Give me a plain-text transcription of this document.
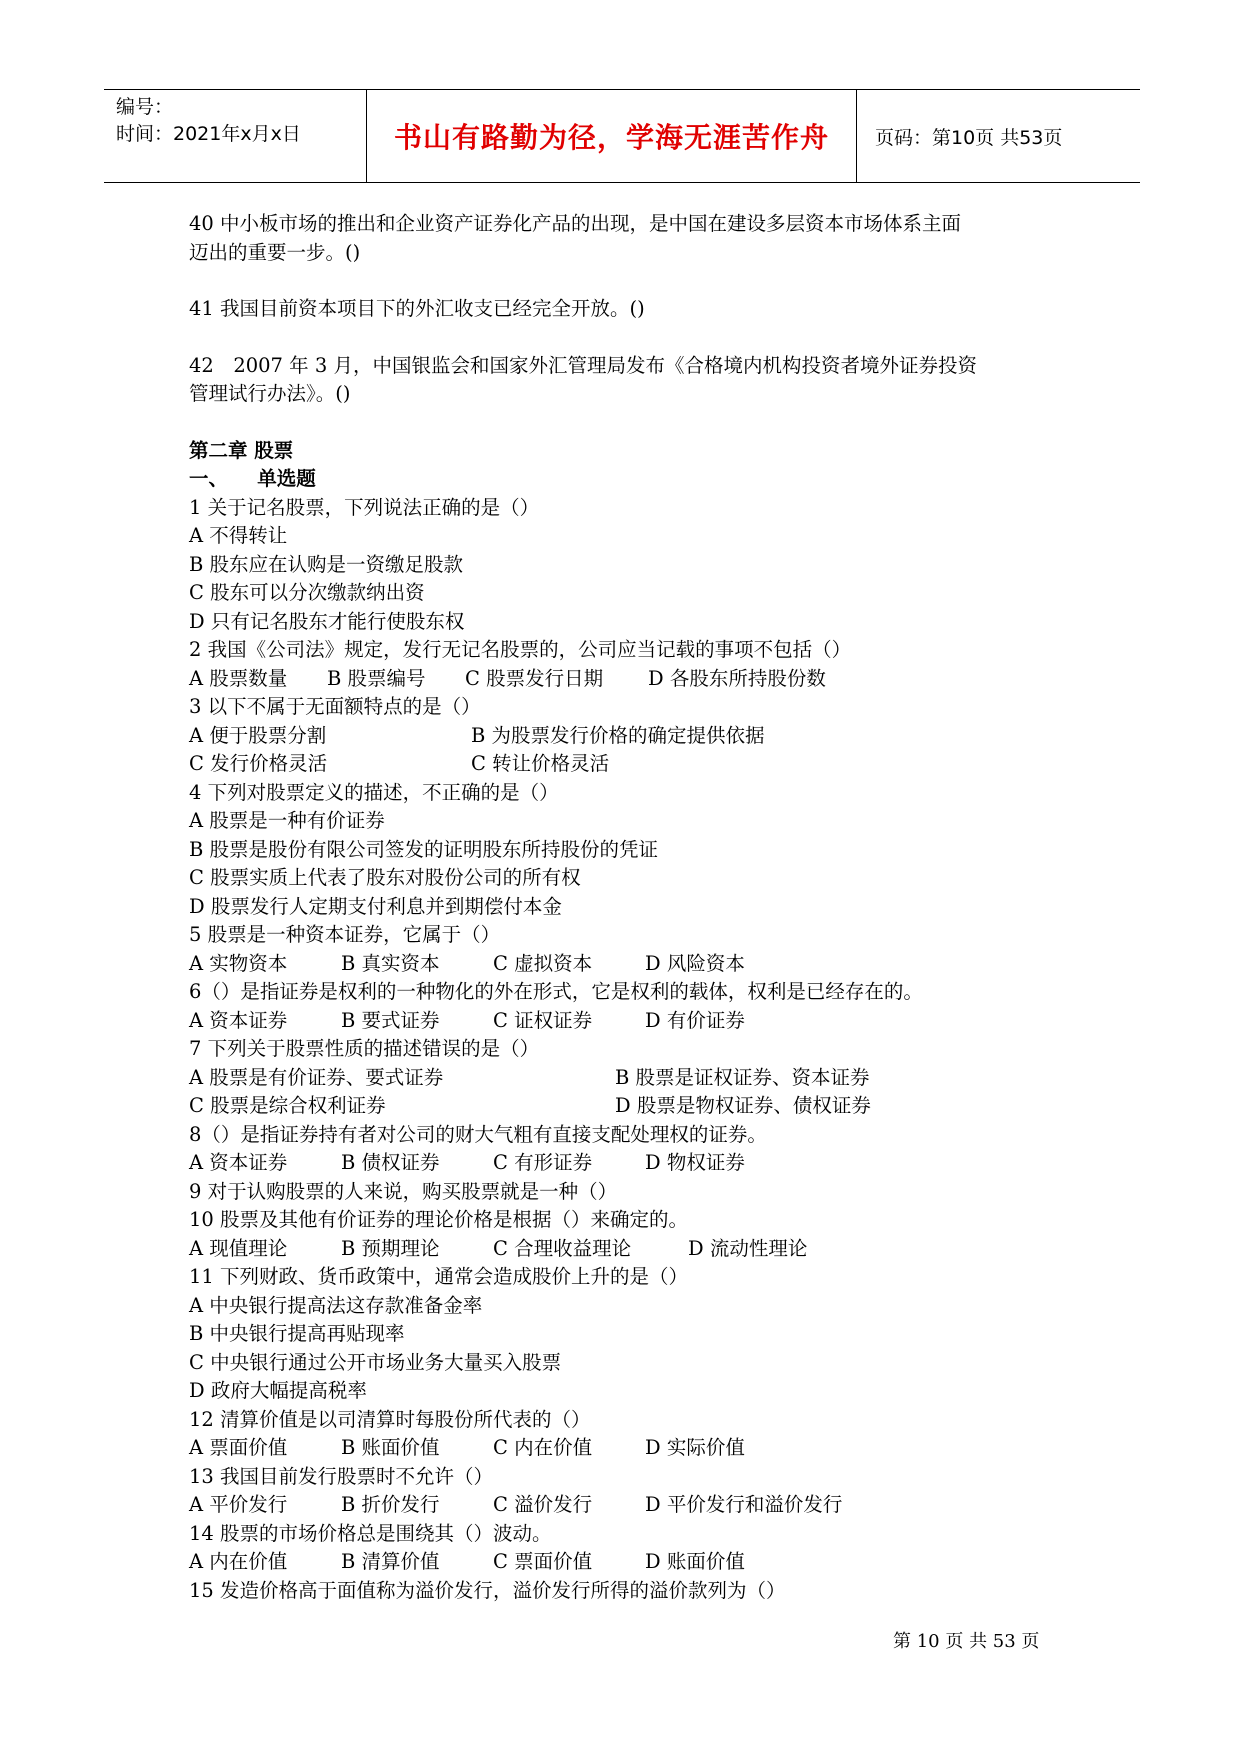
编号：
时间：2021年x月x日	书山有路勤为径，学海无涯苦作舟	页码：第10页 共53页

40 中小板市场的推出和企业资产证券化产品的出现，是中国在建设多层资本市场体系主面

迈出的重要一步。()

41 我国目前资本项目下的外汇收支已经完全开放。()

42　2007 年 3 月，中国银监会和国家外汇管理局发布《合格境内机构投资者境外证券投资

管理试行办法》。()

第二章 股票

一、　　单选题

1 关于记名股票，下列说法正确的是（）

A 不得转让

B 股东应在认购是一资缴足股款

C 股东可以分次缴款纳出资

D 只有记名股东才能行使股东权

2 我国《公司法》规定，发行无记名股票的，公司应当记载的事项不包括（）

A 股票数量	B 股票编号	C 股票发行日期	D 各股东所持股份数

3 以下不属于无面额特点的是（）

A 便于股票分割	B 为股票发行价格的确定提供依据
C 发行价格灵活	C 转让价格灵活

4 下列对股票定义的描述，不正确的是（）

A 股票是一种有价证券

B 股票是股份有限公司签发的证明股东所持股份的凭证

C 股票实质上代表了股东对股份公司的所有权

D 股票发行人定期支付利息并到期偿付本金

5 股票是一种资本证券，它属于（）

A 实物资本	B 真实资本	C 虚拟资本	D 风险资本

6（）是指证券是权利的一种物化的外在形式，它是权利的载体，权利是已经存在的。

A 资本证券	B 要式证券	C 证权证券	D 有价证券

7 下列关于股票性质的描述错误的是（）

A 股票是有价证券、要式证券	B 股票是证权证券、资本证券
C 股票是综合权利证券	D 股票是物权证券、债权证券

8（）是指证券持有者对公司的财大气粗有直接支配处理权的证券。

A 资本证券	B 债权证券	C 有形证券	D 物权证券

9 对于认购股票的人来说，购买股票就是一种（）

10 股票及其他有价证券的理论价格是根据（）来确定的。

A 现值理论	B 预期理论	C 合理收益理论	D 流动性理论

11 下列财政、货币政策中，通常会造成股价上升的是（）

A 中央银行提高法这存款准备金率

B 中央银行提高再贴现率

C 中央银行通过公开市场业务大量买入股票

D 政府大幅提高税率

12 清算价值是以司清算时每股份所代表的（）

A 票面价值	B 账面价值	C 内在价值	D 实际价值

13 我国目前发行股票时不允许（）

A 平价发行	B 折价发行	C 溢价发行	D 平价发行和溢价发行

14 股票的市场价格总是围绕其（）波动。

A 内在价值	B 清算价值	C 票面价值	D 账面价值

15 发造价格高于面值称为溢价发行，溢价发行所得的溢价款列为（）

第 10 页 共 53 页
